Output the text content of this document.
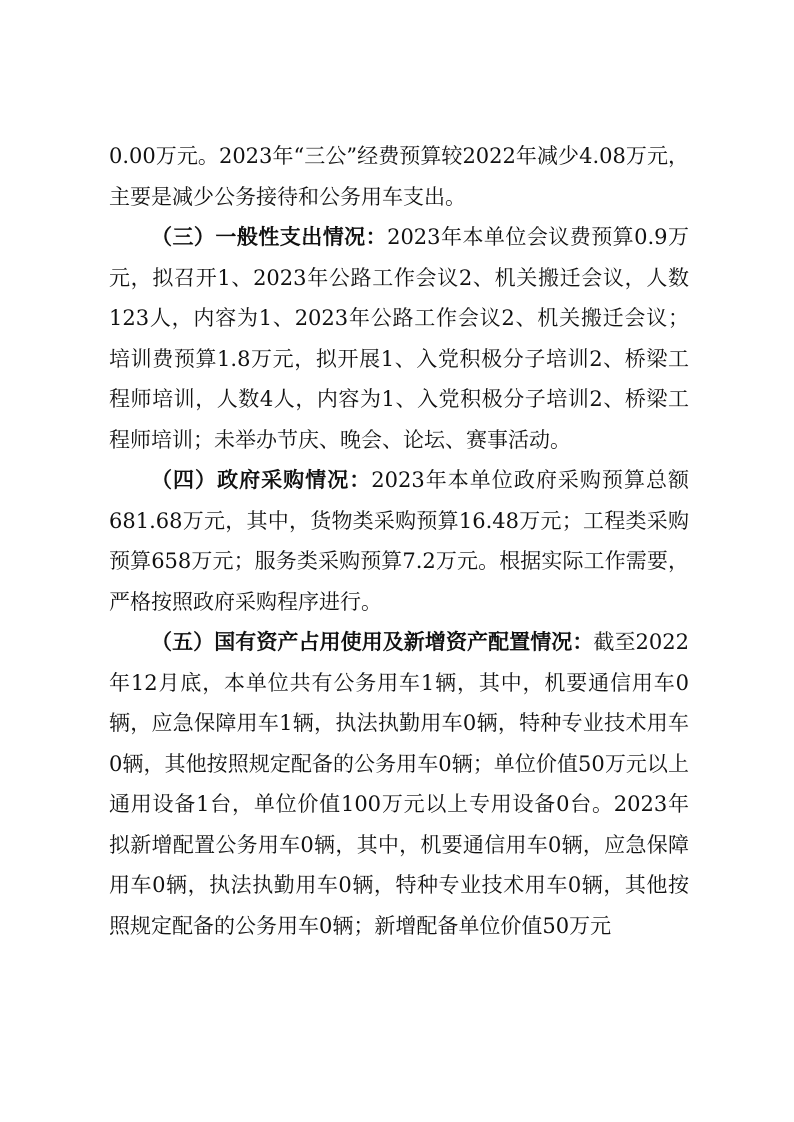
0.00万元。2023年“三公”经费预算较2022年减少4.08万元，主要是减少公务接待和公务用车支出。

（三）一般性支出情况：2023年本单位会议费预算0.9万元，拟召开1、2023年公路工作会议2、机关搬迁会议，人数123人，内容为1、2023年公路工作会议2、机关搬迁会议；培训费预算1.8万元，拟开展1、入党积极分子培训2、桥梁工程师培训，人数4人，内容为1、入党积极分子培训2、桥梁工程师培训；未举办节庆、晚会、论坛、赛事活动。

（四）政府采购情况：2023年本单位政府采购预算总额681.68万元，其中，货物类采购预算16.48万元；工程类采购预算658万元；服务类采购预算7.2万元。根据实际工作需要，严格按照政府采购程序进行。

（五）国有资产占用使用及新增资产配置情况：截至2022年12月底，本单位共有公务用车1辆，其中，机要通信用车0辆，应急保障用车1辆，执法执勤用车0辆，特种专业技术用车0辆，其他按照规定配备的公务用车0辆；单位价值50万元以上通用设备1台，单位价值100万元以上专用设备0台。2023年拟新增配置公务用车0辆，其中，机要通信用车0辆，应急保障用车0辆，执法执勤用车0辆，特种专业技术用车0辆，其他按照规定配备的公务用车0辆；新增配备单位价值50万元
